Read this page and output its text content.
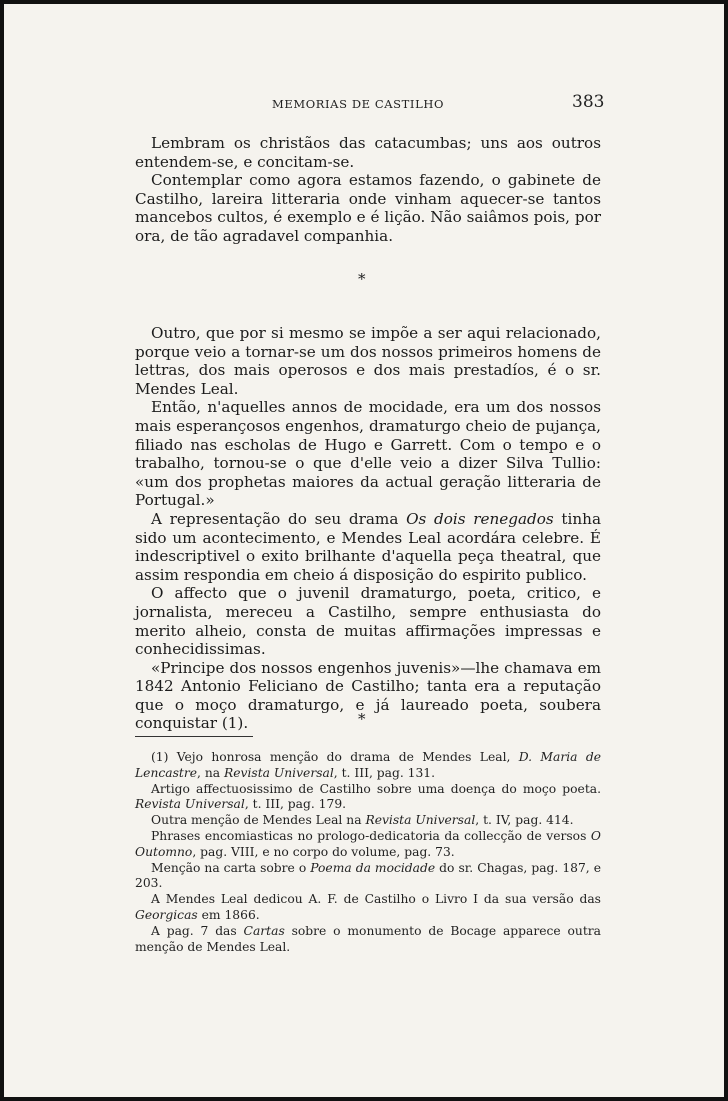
MEMORIAS DE CASTILHO	383

Lembram os christãos das catacumbas; uns aos outros entendem-se, e concitam-se.

Contemplar como agora estamos fazendo, o gabinete de Castilho, lareira litteraria onde vinham aquecer-se tantos mancebos cultos, é exemplo e é lição. Não saiâmos pois, por ora, de tão agradavel companhia.

*

Outro, que por si mesmo se impõe a ser aqui relacionado, porque veio a tornar-se um dos nossos primeiros homens de lettras, dos mais operosos e dos mais prestadíos, é o sr. Mendes Leal.

Então, n'aquelles annos de mocidade, era um dos nossos mais esperançosos engenhos, dramaturgo cheio de pujança, filiado nas escholas de Hugo e Garrett. Com o tempo e o trabalho, tornou-se o que d'elle veio a dizer Silva Tullio: «um dos prophetas maiores da actual geração litteraria de Portugal.»

A representação do seu drama Os dois renegados tinha sido um acontecimento, e Mendes Leal acordára celebre. É indescriptivel o exito brilhante d'aquella peça theatral, que assim respondia em cheio á disposição do espirito publico.

O affecto que o juvenil dramaturgo, poeta, critico, e jornalista, mereceu a Castilho, sempre enthusiasta do merito alheio, consta de muitas affirmações impressas e conhecidissimas.

«Principe dos nossos engenhos juvenis»—lhe chamava em 1842 Antonio Feliciano de Castilho; tanta era a reputação que o moço dramaturgo, e já laureado poeta, soubera conquistar (1).	*

(1) Vejo honrosa menção do drama de Mendes Leal, D. Maria de Lencastre, na Revista Universal, t. III, pag. 131.

Artigo affectuosissimo de Castilho sobre uma doença do moço poeta. Revista Universal, t. III, pag. 179.

Outra menção de Mendes Leal na Revista Universal, t. IV, pag. 414.

Phrases encomiasticas no prologo-dedicatoria da collecção de versos O Outomno, pag. VIII, e no corpo do volume, pag. 73.

Menção na carta sobre o Poema da mocidade do sr. Chagas, pag. 187, e 203.

A Mendes Leal dedicou A. F. de Castilho o Livro I da sua versão das Georgicas em 1866.

A pag. 7 das Cartas sobre o monumento de Bocage apparece outra menção de Mendes Leal.
